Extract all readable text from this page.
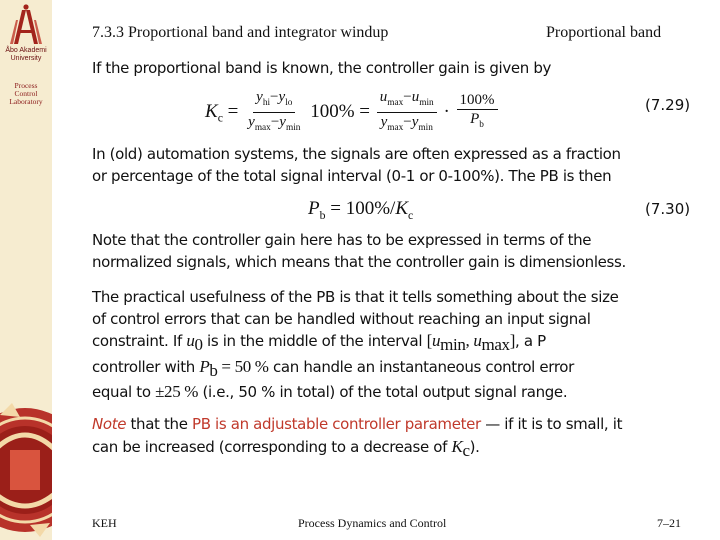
Åbo Akademi
University
Process
Control
Laboratory
7.3.3 Proportional band and integrator windup	Proportional band
If the proportional band is known, the controller gain is given by
$K_c = \frac{y_{hi}-y_{lo}}{y_{max}-y_{min}} 100\% = \frac{u_{max}-u_{min}}{y_{max}-y_{min}} \cdot \frac{100\%}{P_b}$	(7.29)
In (old) automation systems, the signals are often expressed as a fraction
or percentage of the total signal interval (0-1 or 0-100%). The PB is then
$P_b = 100\%/K_c$	(7.30)
Note that the controller gain here has to be expressed in terms of the
normalized signals, which means that the controller gain is dimensionless.
The practical usefulness of the PB is that it tells something about the size
of control errors that can be handled without reaching an input signal
constraint. If $u_0$ is in the middle of the interval [$u_{min}$, $u_{max}$], a P
controller with $P_b = 50$ % can handle an instantaneous control error
equal to ±25 % (i.e., 50 % in total) of the total output signal range.
Note that the PB is an adjustable controller parameter — if it is to small, it
can be increased (corresponding to a decrease of $K_c$).
KEH	Process Dynamics and Control	7–21
